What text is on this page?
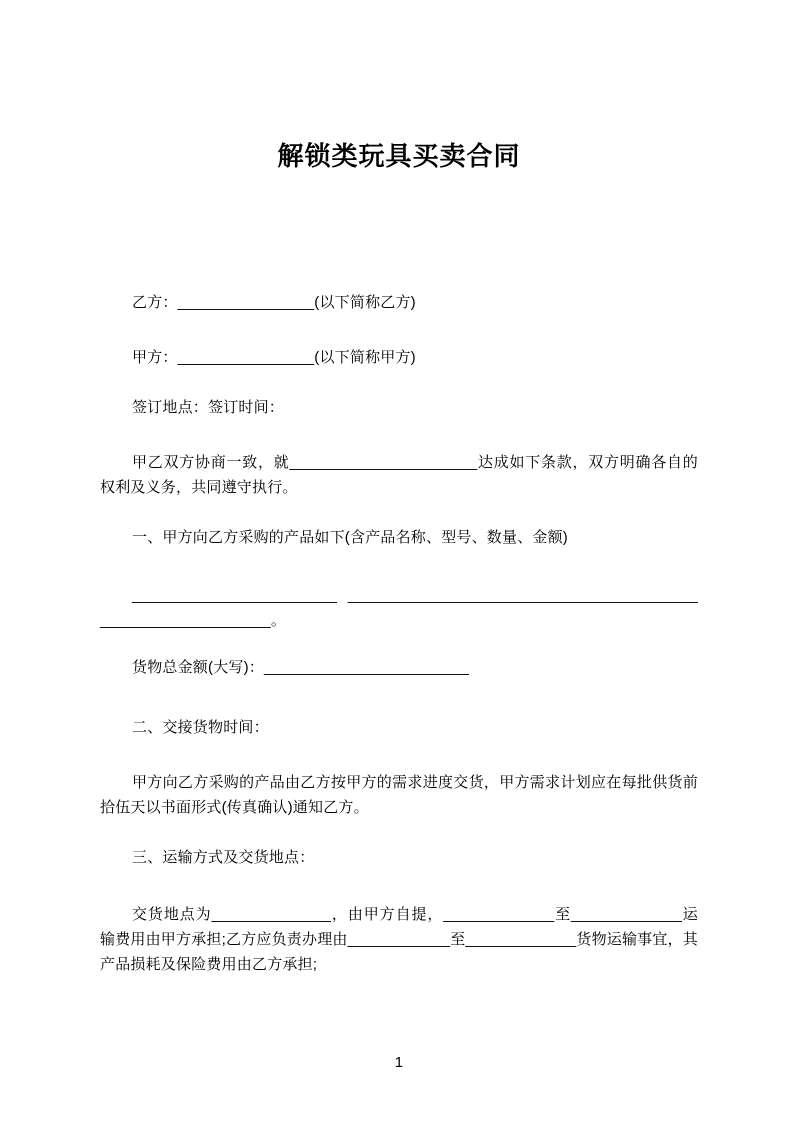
解锁类玩具买卖合同

乙方：________________(以下简称乙方)

甲方：________________(以下简称甲方)

签订地点：签订时间：

甲乙双方协商一致，就______________________达成如下条款，双方明确各自的权利及义务，共同遵守执行。

一、甲方向乙方采购的产品如下(含产品名称、型号、数量、金额)

________________________ _____________________________________________________________。

货物总金额(大写)：________________________

二、交接货物时间：

甲方向乙方采购的产品由乙方按甲方的需求进度交货，甲方需求计划应在每批供货前拾伍天以书面形式(传真确认)通知乙方。

三、运输方式及交货地点：

交货地点为______________，由甲方自提，_____________至_____________运输费用由甲方承担;乙方应负责办理由____________至_____________货物运输事宜，其产品损耗及保险费用由乙方承担;

1
